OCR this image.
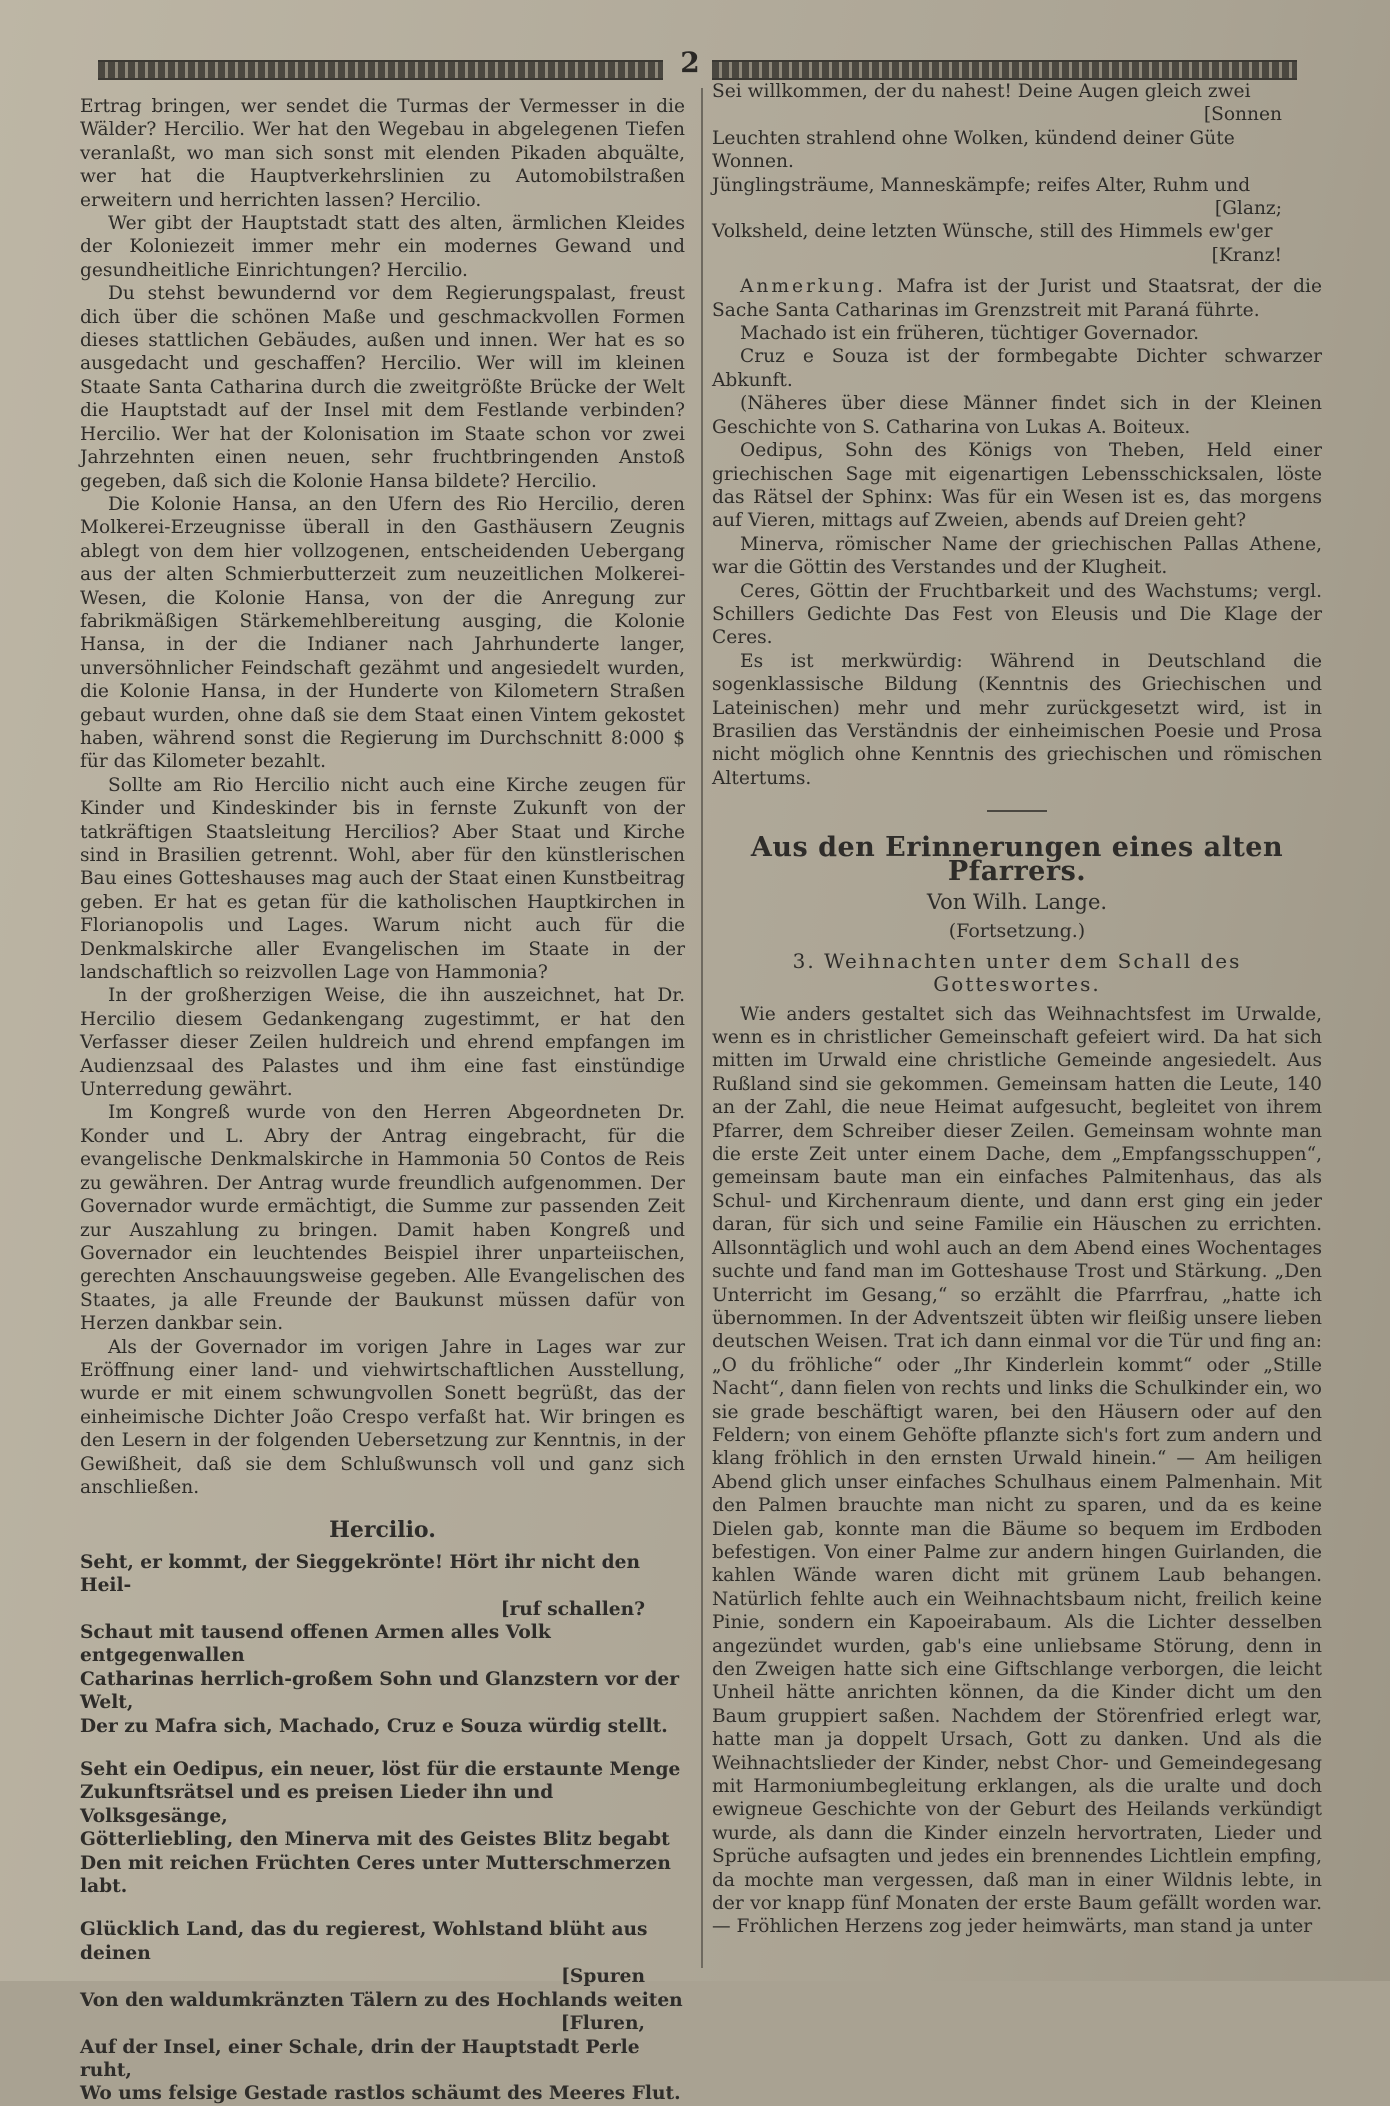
2

Ertrag bringen, wer sendet die Turmas der Vermesser in die Wälder? Hercilio. Wer hat den Wegebau in abgelegenen Tiefen veranlaßt, wo man sich sonst mit elenden Pikaden abquälte, wer hat die Hauptverkehrslinien zu Automobilstraßen erweitern und herrichten lassen? Hercilio.

Wer gibt der Hauptstadt statt des alten, ärmlichen Kleides der Koloniezeit immer mehr ein modernes Gewand und gesundheitliche Einrichtungen? Hercilio.

Du stehst bewundernd vor dem Regierungspalast, freust dich über die schönen Maße und geschmackvollen Formen dieses stattlichen Gebäudes, außen und innen. Wer hat es so ausgedacht und geschaffen? Hercilio. Wer will im kleinen Staate Santa Catharina durch die zweitgrößte Brücke der Welt die Hauptstadt auf der Insel mit dem Festlande verbinden? Hercilio. Wer hat der Kolonisation im Staate schon vor zwei Jahrzehnten einen neuen, sehr fruchtbringenden Anstoß gegeben, daß sich die Kolonie Hansa bildete? Hercilio.

Die Kolonie Hansa, an den Ufern des Rio Hercilio, deren Molkerei-Erzeugnisse überall in den Gasthäusern Zeugnis ablegt von dem hier vollzogenen, entscheidenden Uebergang aus der alten Schmierbutterzeit zum neuzeitlichen Molkerei-Wesen, die Kolonie Hansa, von der die Anregung zur fabrikmäßigen Stärkemehlbereitung ausging, die Kolonie Hansa, in der die Indianer nach Jahrhunderte langer, unversöhnlicher Feindschaft gezähmt und angesiedelt wurden, die Kolonie Hansa, in der Hunderte von Kilometern Straßen gebaut wurden, ohne daß sie dem Staat einen Vintem gekostet haben, während sonst die Regierung im Durchschnitt 8:000 $ für das Kilometer bezahlt.

Sollte am Rio Hercilio nicht auch eine Kirche zeugen für Kinder und Kindeskinder bis in fernste Zukunft von der tatkräftigen Staatsleitung Hercilios? Aber Staat und Kirche sind in Brasilien getrennt. Wohl, aber für den künstlerischen Bau eines Gotteshauses mag auch der Staat einen Kunstbeitrag geben. Er hat es getan für die katholischen Hauptkirchen in Florianopolis und Lages. Warum nicht auch für die Denkmalskirche aller Evangelischen im Staate in der landschaftlich so reizvollen Lage von Hammonia?

In der großherzigen Weise, die ihn auszeichnet, hat Dr. Hercilio diesem Gedankengang zugestimmt, er hat den Verfasser dieser Zeilen huldreich und ehrend empfangen im Audienzsaal des Palastes und ihm eine fast einstündige Unterredung gewährt.

Im Kongreß wurde von den Herren Abgeordneten Dr. Konder und L. Abry der Antrag eingebracht, für die evangelische Denkmalskirche in Hammonia 50 Contos de Reis zu gewähren. Der Antrag wurde freundlich aufgenommen. Der Governador wurde ermächtigt, die Summe zur passenden Zeit zur Auszahlung zu bringen. Damit haben Kongreß und Governador ein leuchtendes Beispiel ihrer unparteiischen, gerechten Anschauungsweise gegeben. Alle Evangelischen des Staates, ja alle Freunde der Baukunst müssen dafür von Herzen dankbar sein.

Als der Governador im vorigen Jahre in Lages war zur Eröffnung einer land- und viehwirtschaftlichen Ausstellung, wurde er mit einem schwungvollen Sonett begrüßt, das der einheimische Dichter João Crespo verfaßt hat. Wir bringen es den Lesern in der folgenden Uebersetzung zur Kenntnis, in der Gewißheit, daß sie dem Schlußwunsch voll und ganz sich anschließen.

Hercilio.
Seht, er kommt, der Sieggekrönte! Hört ihr nicht den Heil-
[ruf schallen?
Schaut mit tausend offenen Armen alles Volk entgegenwallen
Catharinas herrlich-großem Sohn und Glanzstern vor der Welt,
Der zu Mafra sich, Machado, Cruz e Souza würdig stellt.
Seht ein Oedipus, ein neuer, löst für die erstaunte Menge
Zukunftsrätsel und es preisen Lieder ihn und Volksgesänge,
Götterliebling, den Minerva mit des Geistes Blitz begabt
Den mit reichen Früchten Ceres unter Mutterschmerzen labt.
Glücklich Land, das du regierest, Wohlstand blüht aus deinen
[Spuren
Von den waldumkränzten Tälern zu des Hochlands weiten
[Fluren,
Auf der Insel, einer Schale, drin der Hauptstadt Perle ruht,
Wo ums felsige Gestade rastlos schäumt des Meeres Flut.
Sei willkommen, der du nahest! Deine Augen gleich zwei
[Sonnen
Leuchten strahlend ohne Wolken, kündend deiner Güte Wonnen.
Jünglingsträume, Manneskämpfe; reifes Alter, Ruhm und
[Glanz;
Volksheld, deine letzten Wünsche, still des Himmels ew'ger
[Kranz!

Anmerkung. Mafra ist der Jurist und Staatsrat, der die Sache Santa Catharinas im Grenzstreit mit Paraná führte.

Machado ist ein früheren, tüchtiger Governador.

Cruz e Souza ist der formbegabte Dichter schwarzer Abkunft.

(Näheres über diese Männer findet sich in der Kleinen Geschichte von S. Catharina von Lukas A. Boiteux.

Oedipus, Sohn des Königs von Theben, Held einer griechischen Sage mit eigenartigen Lebensschicksalen, löste das Rätsel der Sphinx: Was für ein Wesen ist es, das morgens auf Vieren, mittags auf Zweien, abends auf Dreien geht?

Minerva, römischer Name der griechischen Pallas Athene, war die Göttin des Verstandes und der Klugheit.

Ceres, Göttin der Fruchtbarkeit und des Wachstums; vergl. Schillers Gedichte Das Fest von Eleusis und Die Klage der Ceres.

Es ist merkwürdig: Während in Deutschland die sogenklassische Bildung (Kenntnis des Griechischen und Lateinischen) mehr und mehr zurückgesetzt wird, ist in Brasilien das Verständnis der einheimischen Poesie und Prosa nicht möglich ohne Kenntnis des griechischen und römischen Altertums.

Aus den Erinnerungen eines alten Pfarrers.
Von Wilh. Lange.
(Fortsetzung.)
3. Weihnachten unter dem Schall des Gotteswortes.

Wie anders gestaltet sich das Weihnachtsfest im Urwalde, wenn es in christlicher Gemeinschaft gefeiert wird. Da hat sich mitten im Urwald eine christliche Gemeinde angesiedelt. Aus Rußland sind sie gekommen. Gemeinsam hatten die Leute, 140 an der Zahl, die neue Heimat aufgesucht, begleitet von ihrem Pfarrer, dem Schreiber dieser Zeilen. Gemeinsam wohnte man die erste Zeit unter einem Dache, dem „Empfangsschuppen“, gemeinsam baute man ein einfaches Palmitenhaus, das als Schul- und Kirchenraum diente, und dann erst ging ein jeder daran, für sich und seine Familie ein Häuschen zu errichten. Allsonntäglich und wohl auch an dem Abend eines Wochentages suchte und fand man im Gotteshause Trost und Stärkung. „Den Unterricht im Gesang,“ so erzählt die Pfarrfrau, „hatte ich übernommen. In der Adventszeit übten wir fleißig unsere lieben deutschen Weisen. Trat ich dann einmal vor die Tür und fing an: „O du fröhliche“ oder „Ihr Kinderlein kommt“ oder „Stille Nacht“, dann fielen von rechts und links die Schulkinder ein, wo sie grade beschäftigt waren, bei den Häusern oder auf den Feldern; von einem Gehöfte pflanzte sich's fort zum andern und klang fröhlich in den ernsten Urwald hinein.“ — Am heiligen Abend glich unser einfaches Schulhaus einem Palmenhain. Mit den Palmen brauchte man nicht zu sparen, und da es keine Dielen gab, konnte man die Bäume so bequem im Erdboden befestigen. Von einer Palme zur andern hingen Guirlanden, die kahlen Wände waren dicht mit grünem Laub behangen. Natürlich fehlte auch ein Weihnachtsbaum nicht, freilich keine Pinie, sondern ein Kapoeirabaum. Als die Lichter desselben angezündet wurden, gab's eine unliebsame Störung, denn in den Zweigen hatte sich eine Giftschlange verborgen, die leicht Unheil hätte anrichten können, da die Kinder dicht um den Baum gruppiert saßen. Nachdem der Störenfried erlegt war, hatte man ja doppelt Ursach, Gott zu danken. Und als die Weihnachtslieder der Kinder, nebst Chor- und Gemeindegesang mit Harmoniumbegleitung erklangen, als die uralte und doch ewigneue Geschichte von der Geburt des Heilands verkündigt wurde, als dann die Kinder einzeln hervortraten, Lieder und Sprüche aufsagten und jedes ein brennendes Lichtlein empfing, da mochte man vergessen, daß man in einer Wildnis lebte, in der vor knapp fünf Monaten der erste Baum gefällt worden war. — Fröhlichen Herzens zog jeder heimwärts, man stand ja unter
